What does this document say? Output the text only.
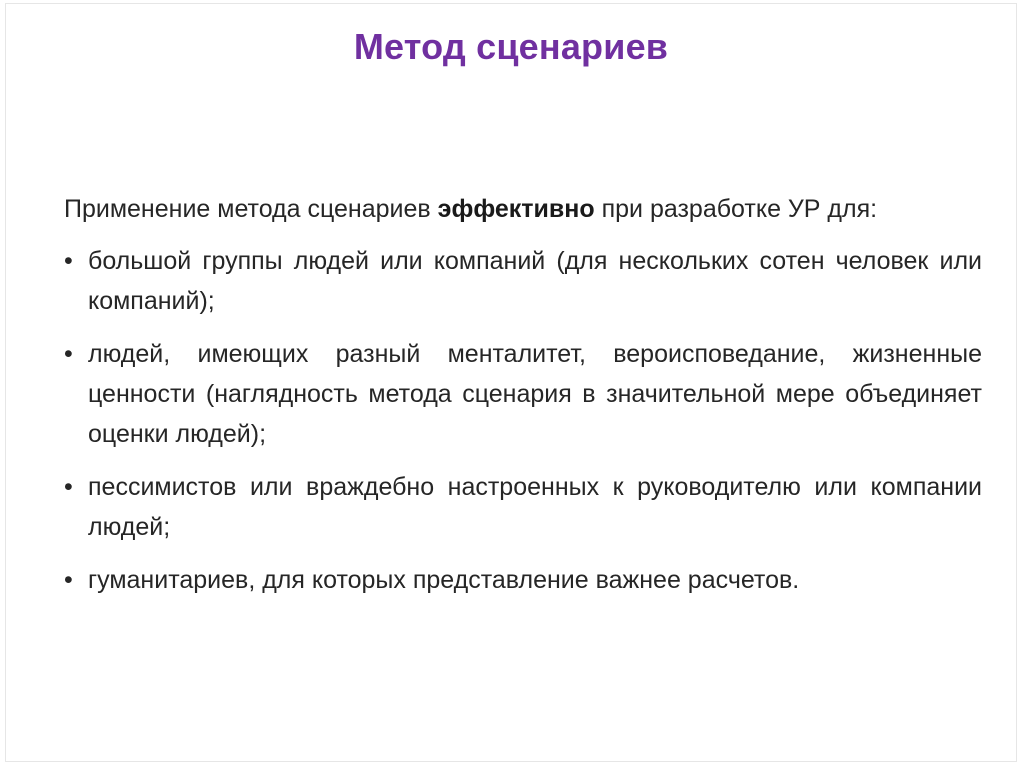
Метод сценариев

Применение метода сценариев эффективно при разработке УР для:

• большой группы людей или компаний (для нескольких сотен человек или компаний);
• людей, имеющих разный менталитет, вероисповедание, жизненные ценности (наглядность метода сценария в значительной мере объединяет оценки людей);
• пессимистов или враждебно настроенных к руководителю или компании людей;
• гуманитариев, для которых представление важнее расчетов.
